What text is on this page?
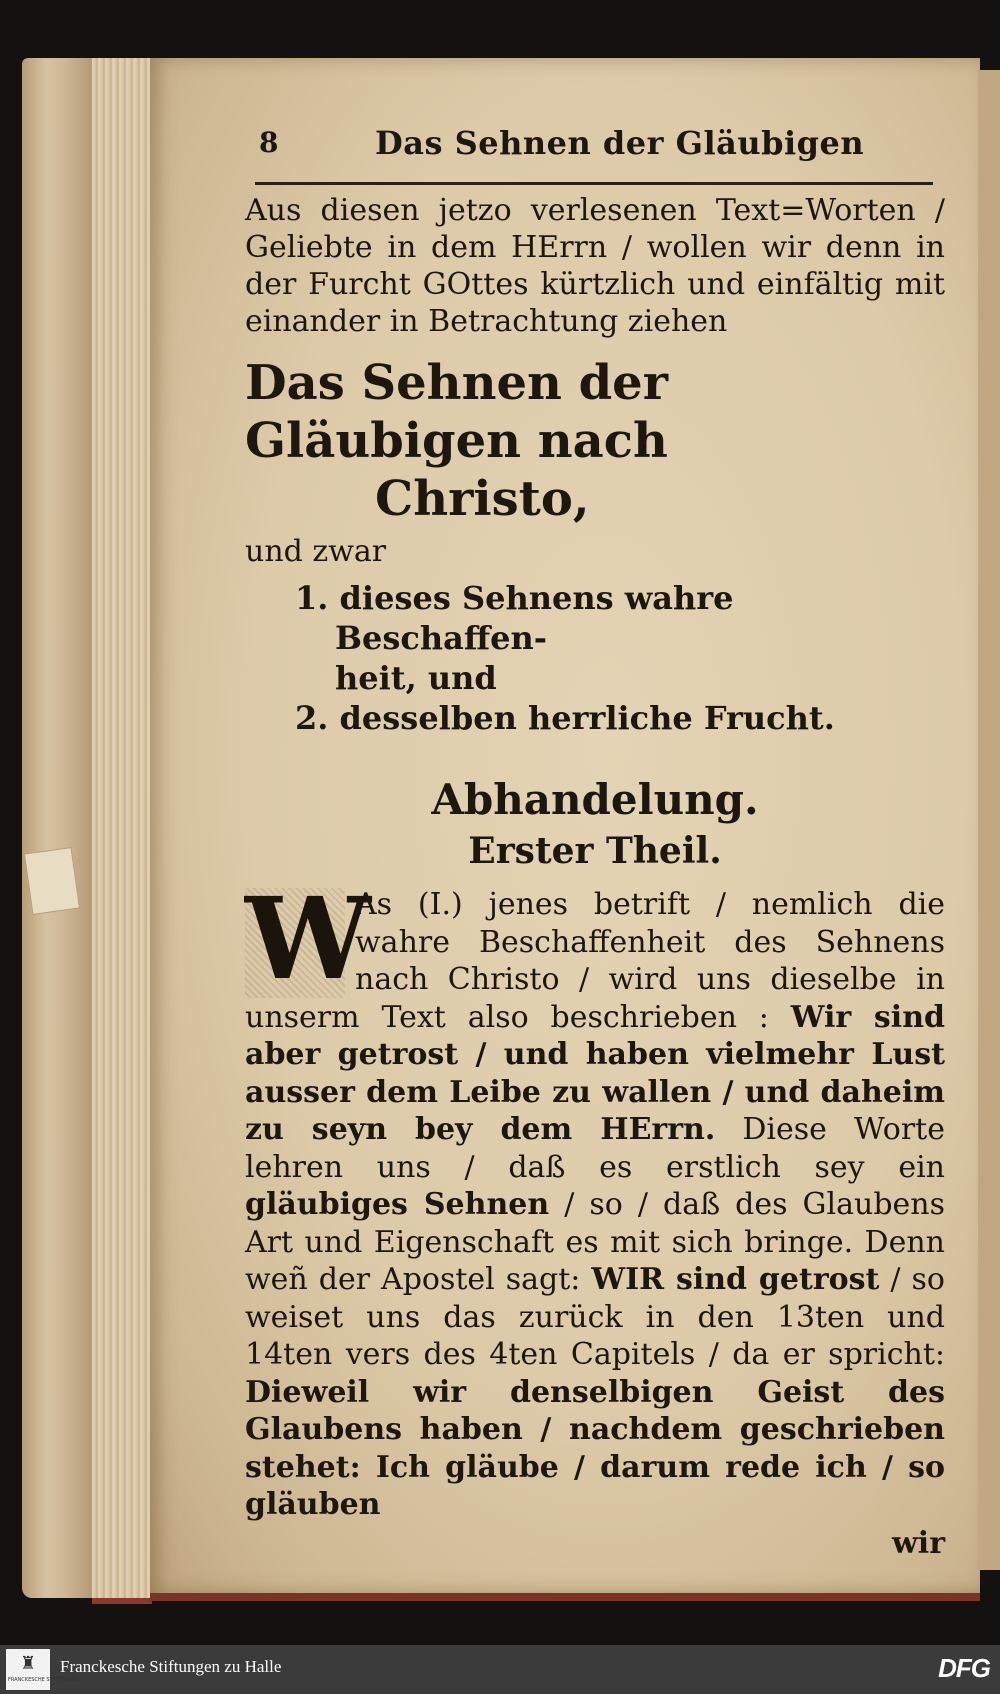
8	Das Sehnen der Gläubigen
Aus diesen jetzo verlesenen Text=Worten / Geliebte in dem HErrn / wollen wir denn in der Furcht GOttes kürtzlich und einfältig mit einander in Betrachtung ziehen
Das Sehnen der Gläubigen nach
Christo,
und zwar
1. dieses Sehnens wahre Beschaffen-
heit, und
2. desselben herrliche Frucht.
Abhandelung.
Erster Theil.
W
As (I.) jenes betrift / nemlich die wahre Beschaffenheit des Sehnens nach Christo / wird uns dieselbe in unserm Text also beschrieben : Wir sind aber getrost / und haben vielmehr Lust ausser dem Leibe zu wallen / und daheim zu seyn bey dem HErrn. Diese Worte lehren uns / daß es erstlich sey ein gläubiges Sehnen / so / daß des Glaubens Art und Eigenschaft es mit sich bringe. Denn weñ der Apostel sagt: WIR sind getrost / so weiset uns das zurück in den 13ten und 14ten vers des 4ten Capitels / da er spricht: Dieweil wir denselbigen Geist des Glaubens haben / nachdem geschrieben stehet: Ich gläube / darum rede ich / so gläuben
wir
♜
FRANCKESCHE STIFTUNGEN
Franckesche Stiftungen zu Halle	DFG
